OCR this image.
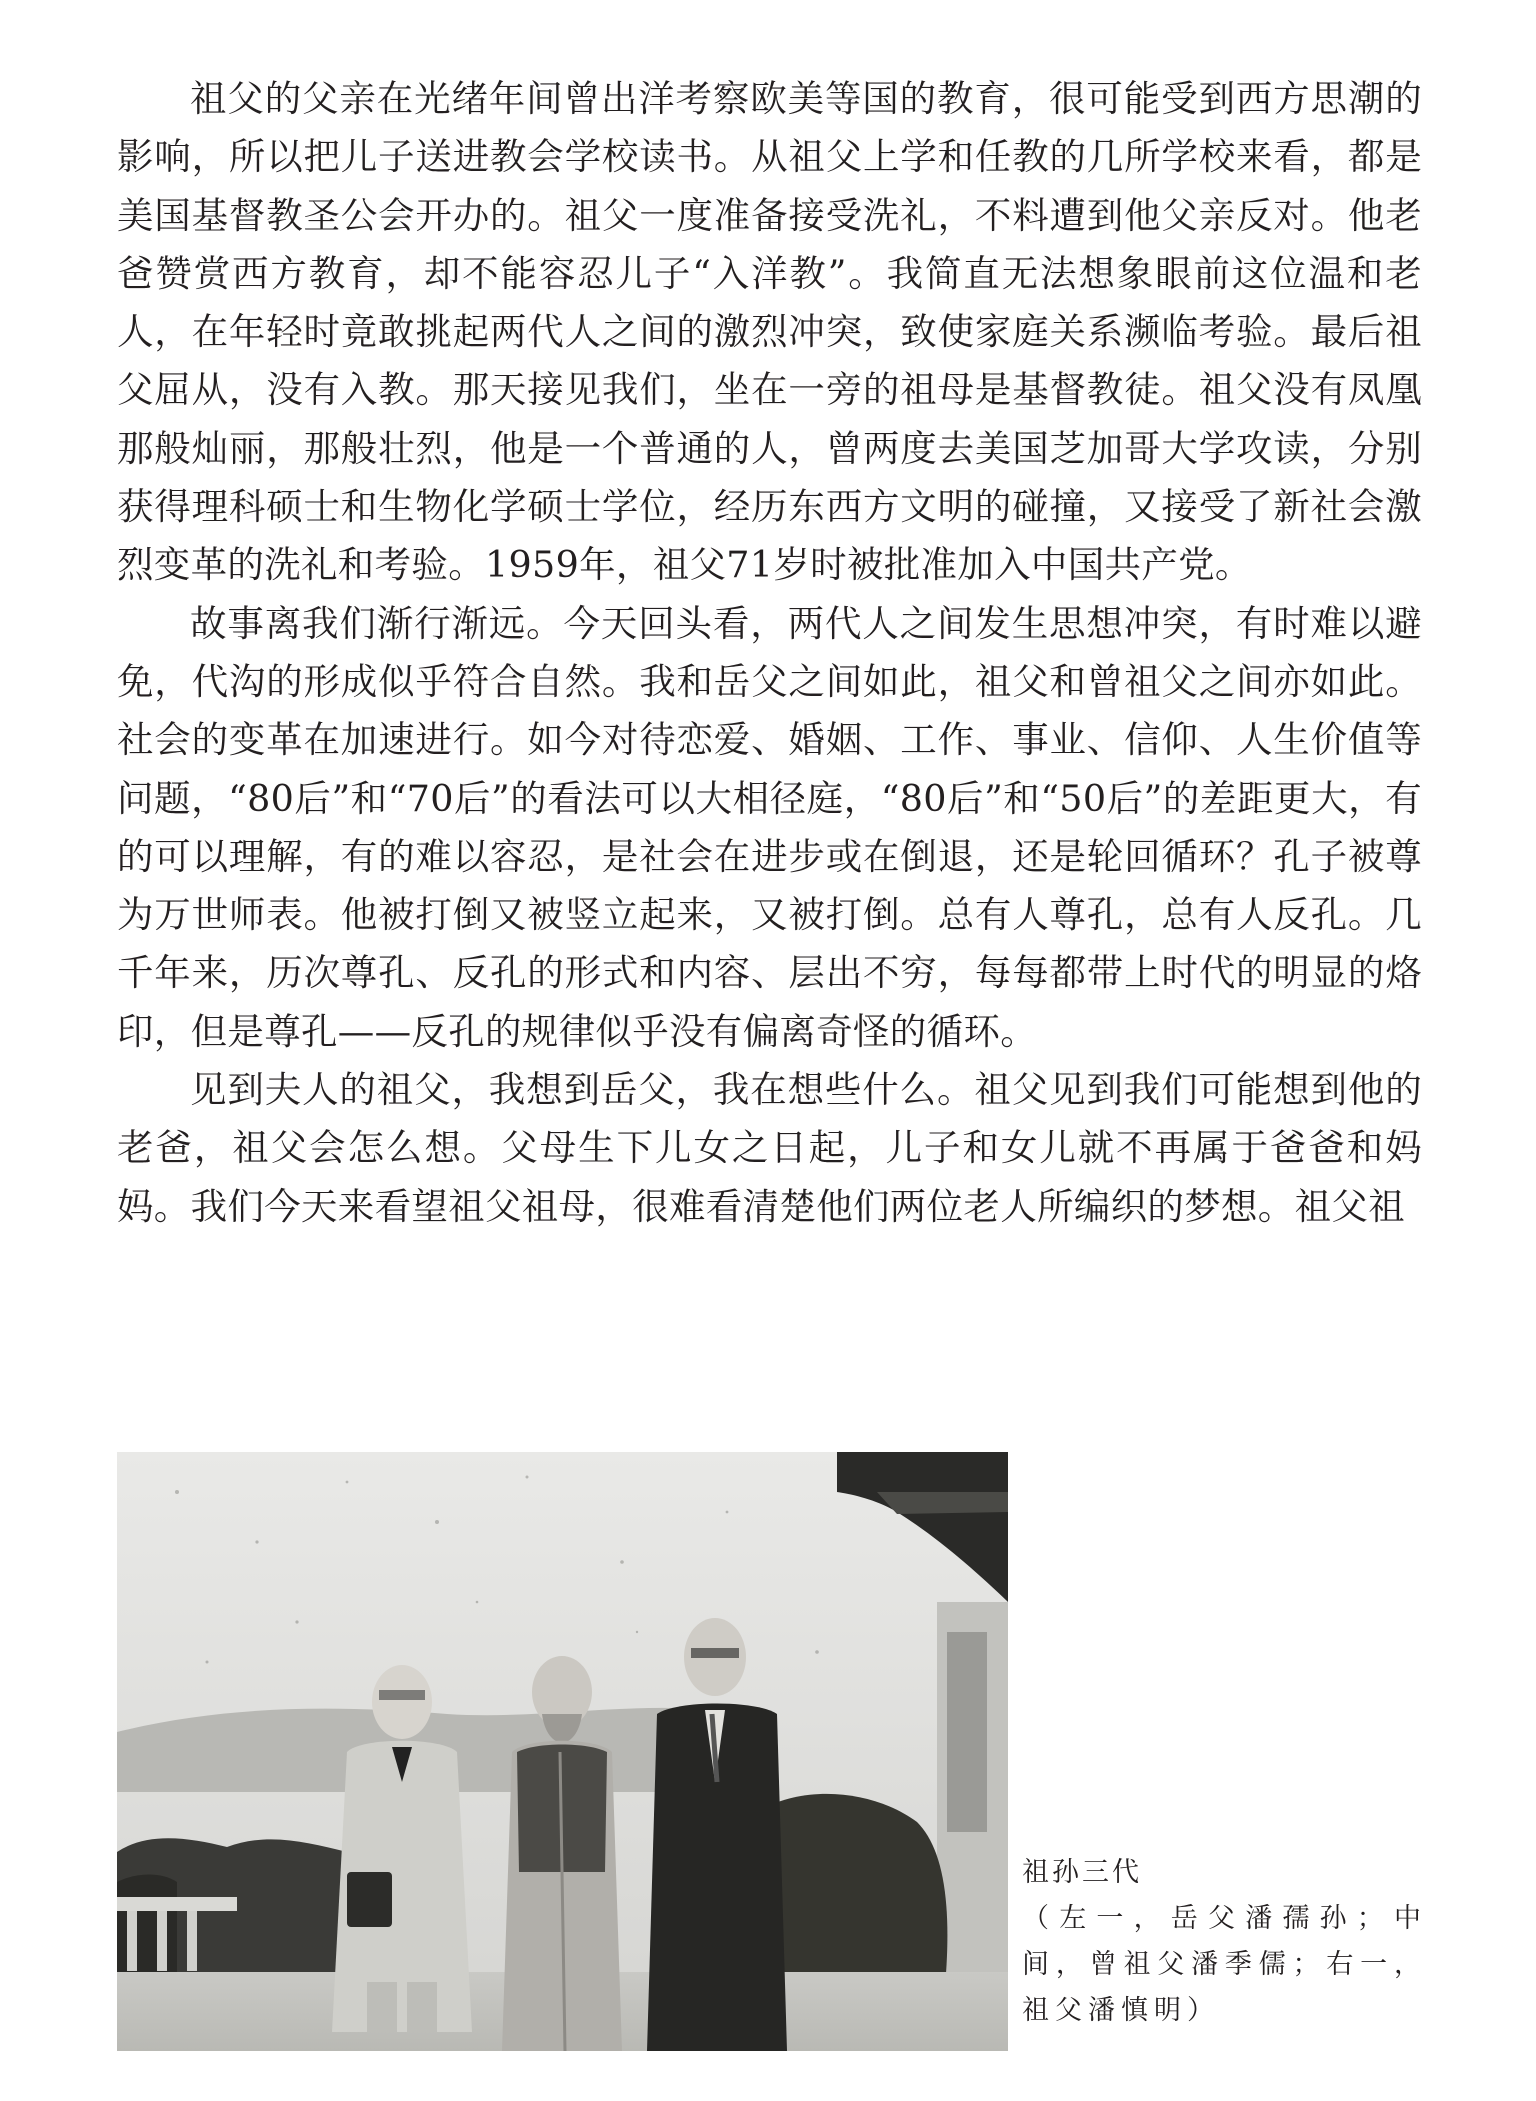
祖父的父亲在光绪年间曾出洋考察欧美等国的教育，很可能受到西方思潮的影响，所以把儿子送进教会学校读书。从祖父上学和任教的几所学校来看，都是美国基督教圣公会开办的。祖父一度准备接受洗礼，不料遭到他父亲反对。他老爸赞赏西方教育，却不能容忍儿子“入洋教”。我简直无法想象眼前这位温和老人，在年轻时竟敢挑起两代人之间的激烈冲突，致使家庭关系濒临考验。最后祖父屈从，没有入教。那天接见我们，坐在一旁的祖母是基督教徒。祖父没有凤凰那般灿丽，那般壮烈，他是一个普通的人，曾两度去美国芝加哥大学攻读，分别获得理科硕士和生物化学硕士学位，经历东西方文明的碰撞，又接受了新社会激烈变革的洗礼和考验。1959年，祖父71岁时被批准加入中国共产党。

故事离我们渐行渐远。今天回头看，两代人之间发生思想冲突，有时难以避免，代沟的形成似乎符合自然。我和岳父之间如此，祖父和曾祖父之间亦如此。社会的变革在加速进行。如今对待恋爱、婚姻、工作、事业、信仰、人生价值等问题，“80后”和“70后”的看法可以大相径庭，“80后”和“50后”的差距更大，有的可以理解，有的难以容忍，是社会在进步或在倒退，还是轮回循环？孔子被尊为万世师表。他被打倒又被竖立起来，又被打倒。总有人尊孔，总有人反孔。几千年来，历次尊孔、反孔的形式和内容、层出不穷，每每都带上时代的明显的烙印，但是尊孔——反孔的规律似乎没有偏离奇怪的循环。

见到夫人的祖父，我想到岳父，我在想些什么。祖父见到我们可能想到他的老爸，祖父会怎么想。父母生下儿女之日起，儿子和女儿就不再属于爸爸和妈妈。我们今天来看望祖父祖母，很难看清楚他们两位老人所编织的梦想。祖父祖

祖孙三代
（左一，岳父潘孺孙；中间，曾祖父潘季儒；右一，祖父潘慎明）
